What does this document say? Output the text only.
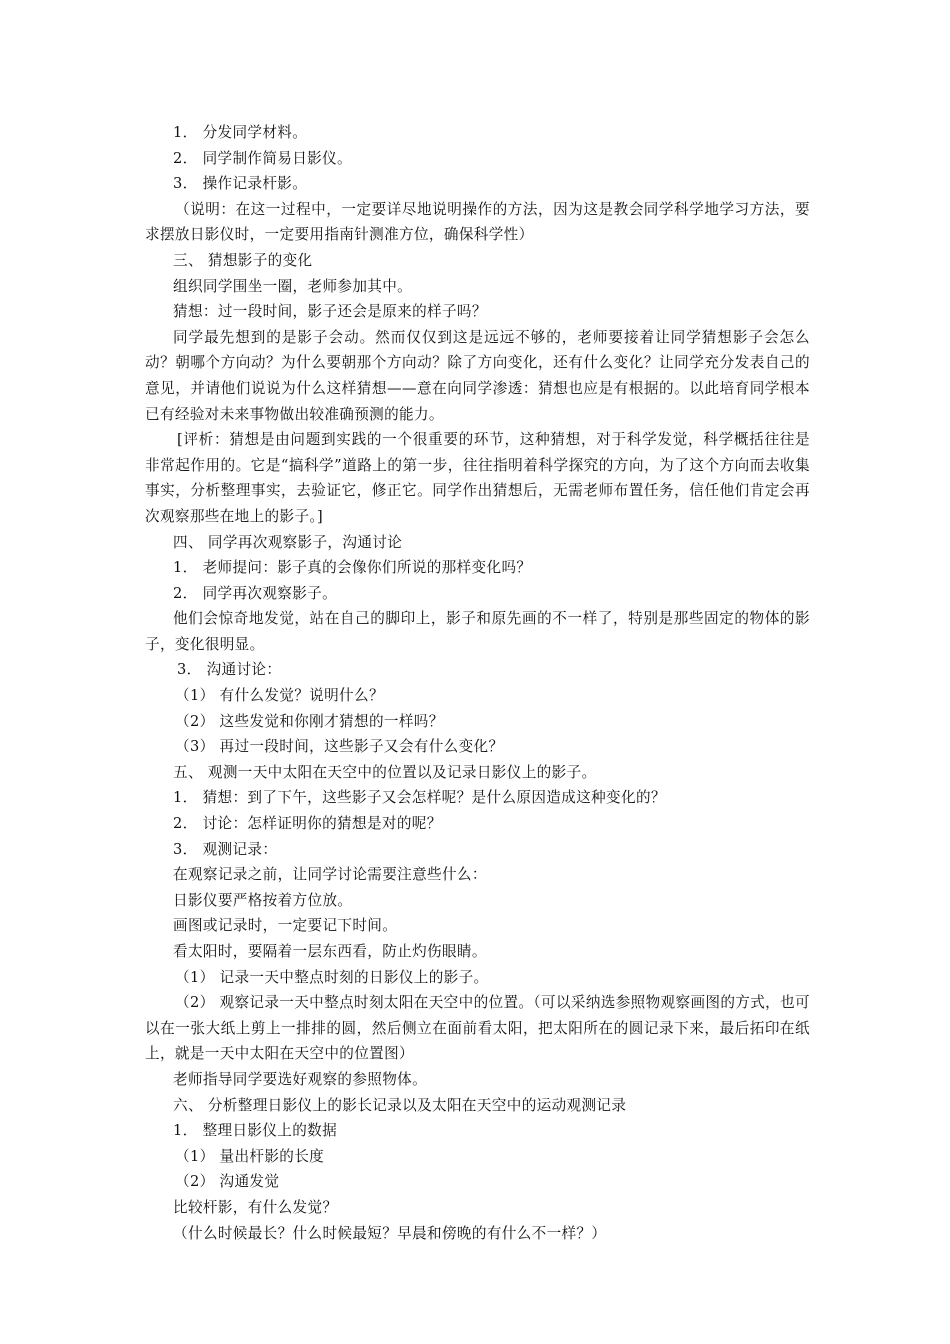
1． 分发同学材料。

2． 同学制作简易日影仪。

3． 操作记录杆影。

（说明：在这一过程中，一定要详尽地说明操作的方法，因为这是教会同学科学地学习方法，要求摆放日影仪时，一定要用指南针测准方位，确保科学性）

三、 猜想影子的变化

组织同学围坐一圈，老师参加其中。

猜想：过一段时间，影子还会是原来的样子吗？

同学最先想到的是影子会动。然而仅仅到这是远远不够的，老师要接着让同学猜想影子会怎么动？朝哪个方向动？为什么要朝那个方向动？除了方向变化，还有什么变化？让同学充分发表自己的意见，并请他们说说为什么这样猜想——意在向同学渗透：猜想也应是有根据的。以此培育同学根本已有经验对未来事物做出较准确预测的能力。

[评析：猜想是由问题到实践的一个很重要的环节，这种猜想，对于科学发觉，科学概括往往是非常起作用的。它是“搞科学”道路上的第一步，往往指明着科学探究的方向，为了这个方向而去收集事实，分析整理事实，去验证它，修正它。同学作出猜想后，无需老师布置任务，信任他们肯定会再次观察那些在地上的影子。]

四、 同学再次观察影子，沟通讨论

1． 老师提问：影子真的会像你们所说的那样变化吗？

2． 同学再次观察影子。

他们会惊奇地发觉，站在自己的脚印上，影子和原先画的不一样了，特别是那些固定的物体的影子，变化很明显。

3． 沟通讨论：

（1） 有什么发觉？说明什么？

（2） 这些发觉和你刚才猜想的一样吗？

（3） 再过一段时间，这些影子又会有什么变化？

五、 观测一天中太阳在天空中的位置以及记录日影仪上的影子。

1． 猜想：到了下午，这些影子又会怎样呢？是什么原因造成这种变化的？

2． 讨论：怎样证明你的猜想是对的呢？

3． 观测记录：

在观察记录之前，让同学讨论需要注意些什么：

日影仪要严格按着方位放。

画图或记录时，一定要记下时间。

看太阳时，要隔着一层东西看，防止灼伤眼睛。

（1） 记录一天中整点时刻的日影仪上的影子。

（2） 观察记录一天中整点时刻太阳在天空中的位置。（可以采纳选参照物观察画图的方式，也可以在一张大纸上剪上一排排的圆，然后侧立在面前看太阳，把太阳所在的圆记录下来，最后拓印在纸上，就是一天中太阳在天空中的位置图）

老师指导同学要选好观察的参照物体。

六、 分析整理日影仪上的影长记录以及太阳在天空中的运动观测记录

1． 整理日影仪上的数据

（1） 量出杆影的长度

（2） 沟通发觉

比较杆影，有什么发觉？

（什么时候最长？什么时候最短？早晨和傍晚的有什么不一样？）
